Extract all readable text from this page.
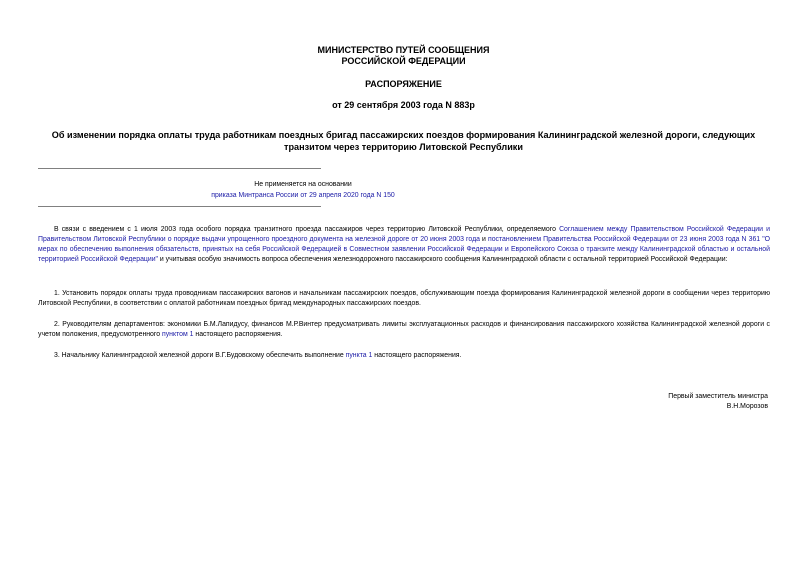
МИНИСТЕРСТВО ПУТЕЙ СООБЩЕНИЯ
РОССИЙСКОЙ ФЕДЕРАЦИИ
РАСПОРЯЖЕНИЕ
от 29 сентября 2003 года N 883р
Об изменении порядка оплаты труда работникам поездных бригад пассажирских поездов формирования Калининградской железной дороги, следующих транзитом через территорию Литовской Республики
Не применяется на основании
приказа Минтранса России от 29 апреля 2020 года N 150

В связи с введением с 1 июля 2003 года особого порядка транзитного проезда пассажиров через территорию Литовской Республики, определяемого Соглашением между Правительством Российской Федерации и Правительством Литовской Республики о порядке выдачи упрощенного проездного документа на железной дороге от 20 июня 2003 года и постановлением Правительства Российской Федерации от 23 июня 2003 года N 361 "О мерах по обеспечению выполнения обязательств, принятых на себя Российской Федерацией в Совместном заявлении Российской Федерации и Европейского Союза о транзите между Калининградской областью и остальной территорией Российской Федерации" и учитывая особую значимость вопроса обеспечения железнодорожного пассажирского сообщения Калининградской области с остальной территорией Российской Федерации:

1. Установить порядок оплаты труда проводникам пассажирских вагонов и начальникам пассажирских поездов, обслуживающим поезда формирования Калининградской железной дороги в сообщении через территорию Литовской Республики, в соответствии с оплатой работникам поездных бригад международных пассажирских поездов.

2. Руководителям департаментов: экономики Б.М.Лапидусу, финансов М.Р.Винтер предусматривать лимиты эксплуатационных расходов и финансирования пассажирского хозяйства Калининградской железной дороги с учетом положения, предусмотренного пунктом 1 настоящего распоряжения.

3. Начальнику Калининградской железной дороги В.Г.Будовскому обеспечить выполнение пункта 1 настоящего распоряжения.

Первый заместитель министра
В.Н.Морозов
